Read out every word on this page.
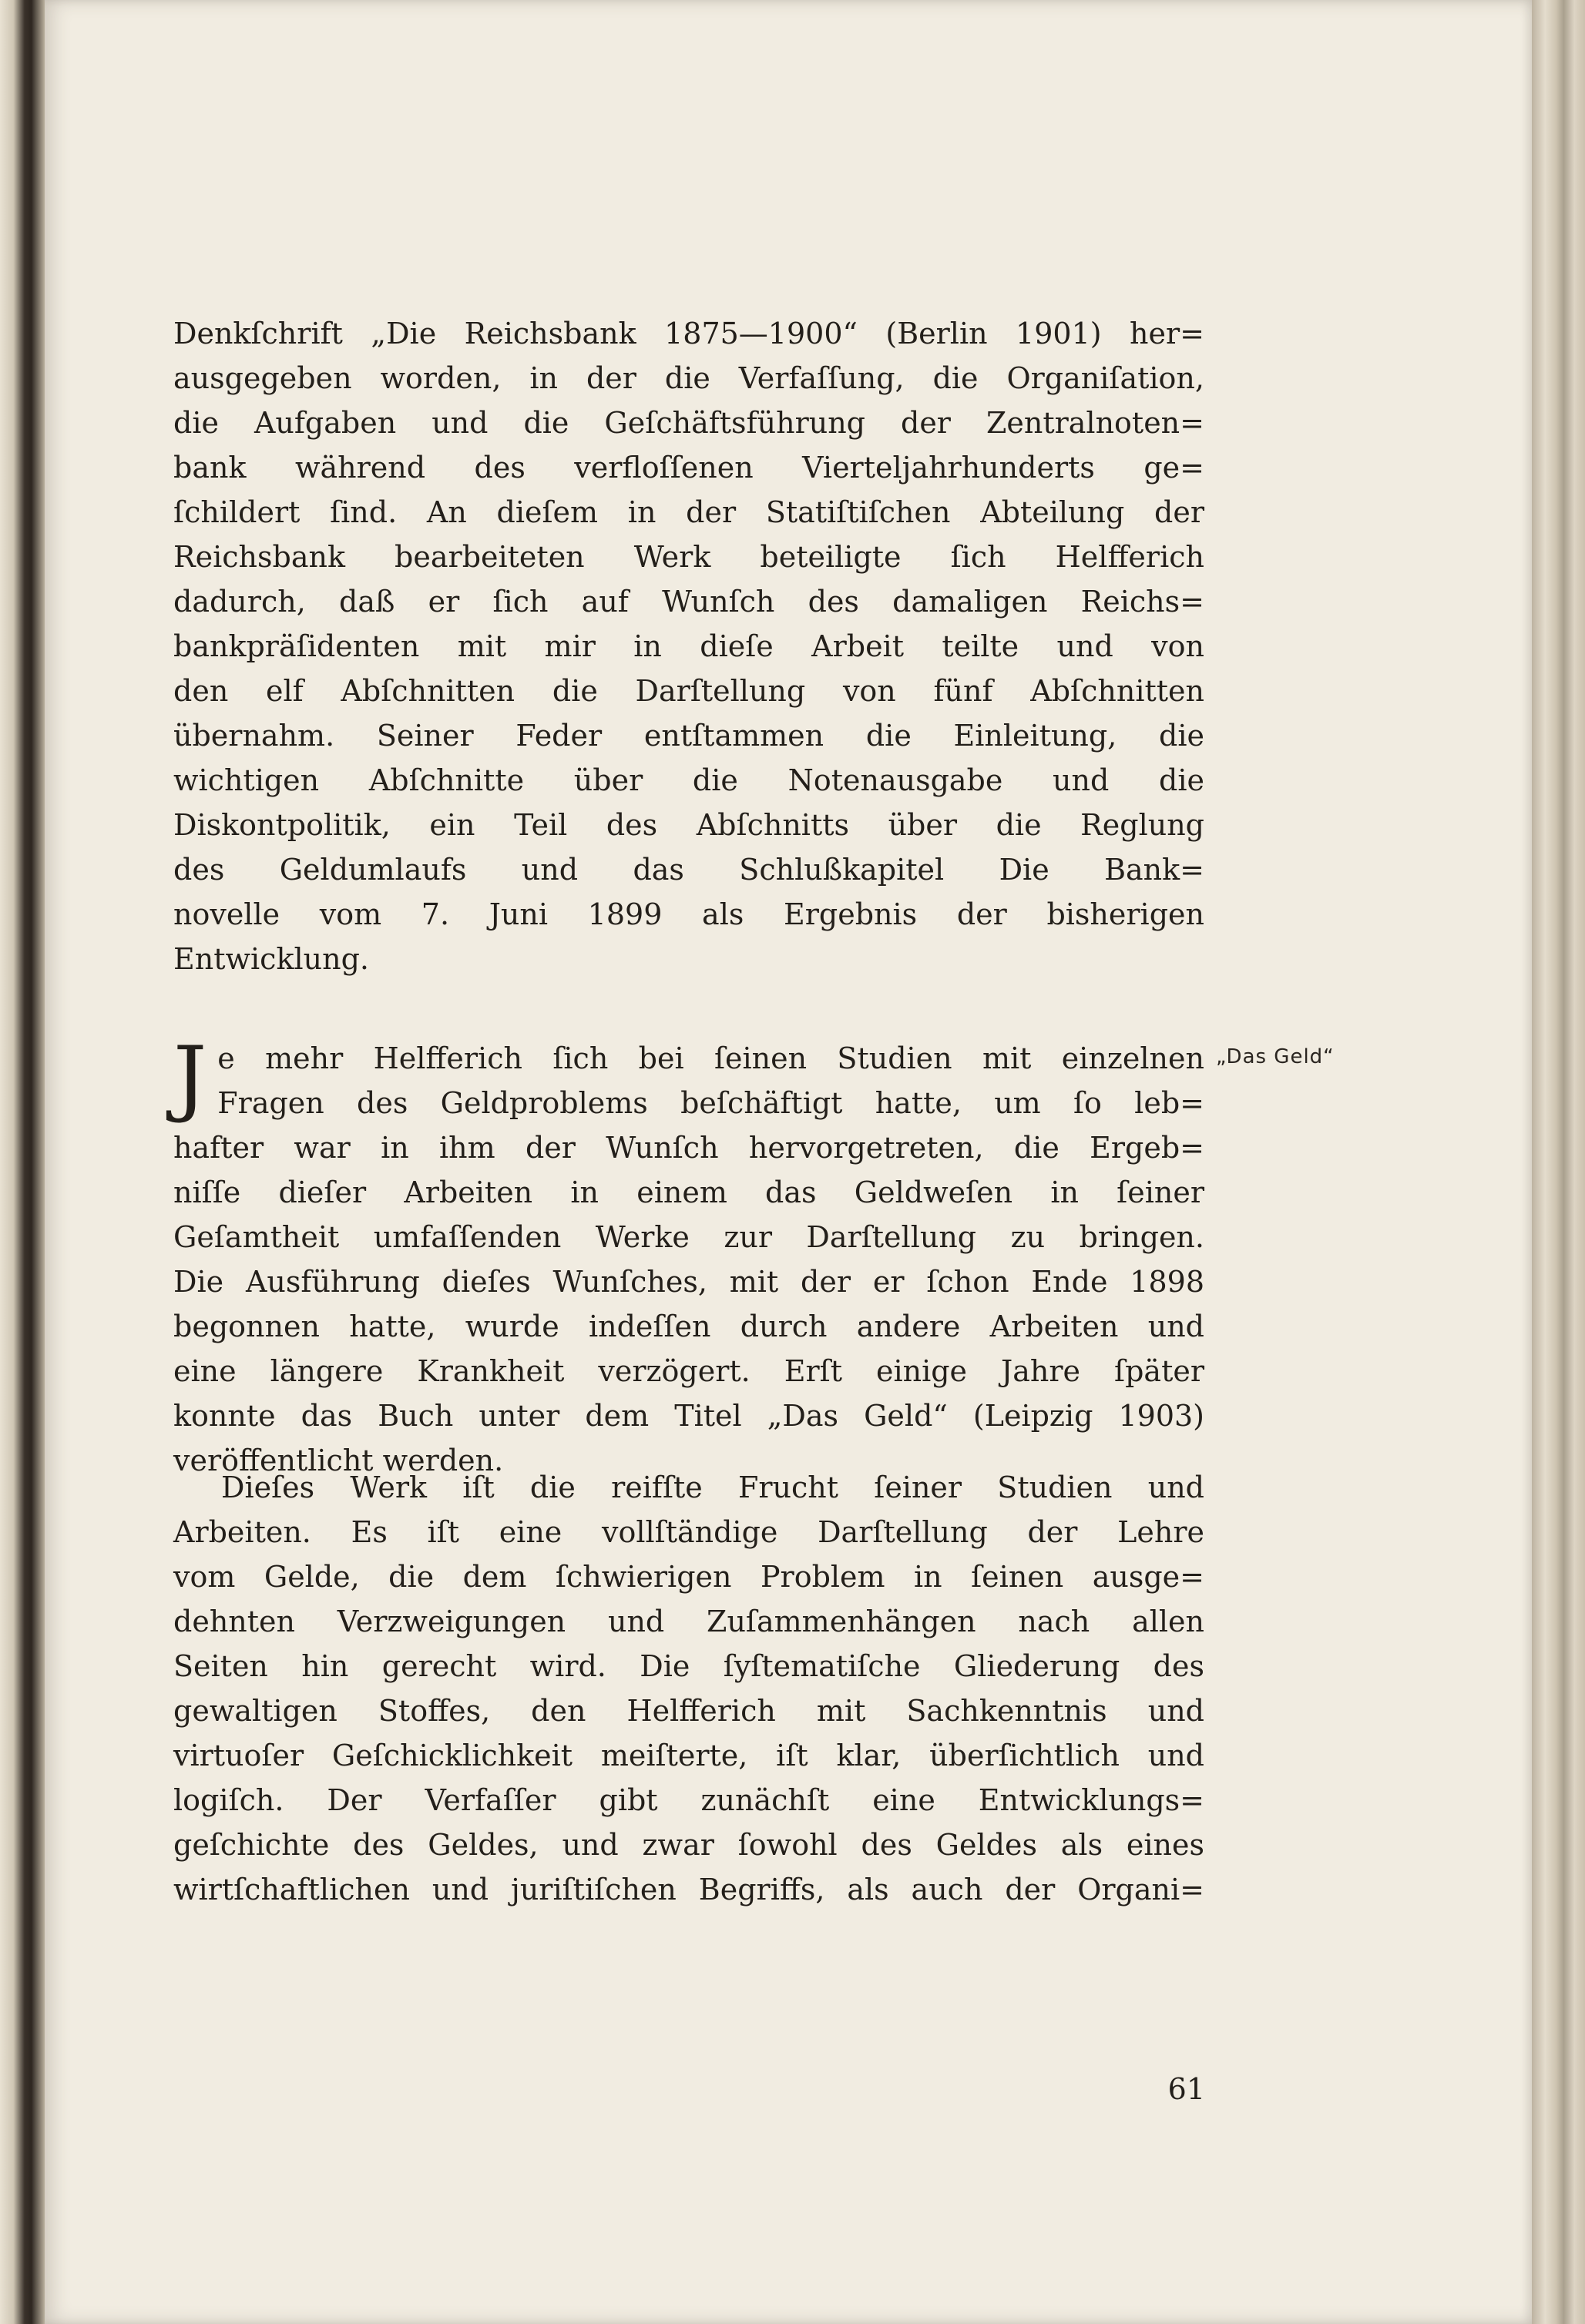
Denkſchrift „Die Reichsbank 1875—1900“ (Berlin 1901) her=
ausgegeben worden, in der die Verfaſſung, die Organiſation,
die Aufgaben und die Geſchäftsführung der Zentralnoten=
bank während des verfloſſenen Vierteljahrhunderts ge=
ſchildert ſind. An dieſem in der Statiſtiſchen Abteilung der
Reichsbank bearbeiteten Werk beteiligte ſich Helfferich
dadurch, daß er ſich auf Wunſch des damaligen Reichs=
bankpräſidenten mit mir in dieſe Arbeit teilte und von
den elf Abſchnitten die Darſtellung von fünf Abſchnitten
übernahm. Seiner Feder entſtammen die Einleitung, die
wichtigen Abſchnitte über die Notenausgabe und die
Diskontpolitik, ein Teil des Abſchnitts über die Reglung
des Geldumlaufs und das Schlußkapitel Die Bank=
novelle vom 7. Juni 1899 als Ergebnis der bisherigen
Entwicklung.
J e mehr Helfferich ſich bei ſeinen Studien mit einzelnen
Fragen des Geldproblems beſchäftigt hatte, um ſo leb=
hafter war in ihm der Wunſch hervorgetreten, die Ergeb=
niſſe dieſer Arbeiten in einem das Geldweſen in ſeiner
Geſamtheit umfaſſenden Werke zur Darſtellung zu bringen.
Die Ausführung dieſes Wunſches, mit der er ſchon Ende 1898
begonnen hatte, wurde indeſſen durch andere Arbeiten und
eine längere Krankheit verzögert. Erſt einige Jahre ſpäter
konnte das Buch unter dem Titel „Das Geld“ (Leipzig 1903)
veröffentlicht werden.
Dieſes Werk iſt die reifſte Frucht ſeiner Studien und
Arbeiten. Es iſt eine vollſtändige Darſtellung der Lehre
vom Gelde, die dem ſchwierigen Problem in ſeinen ausge=
dehnten Verzweigungen und Zuſammenhängen nach allen
Seiten hin gerecht wird. Die ſyſtematiſche Gliederung des
gewaltigen Stoffes, den Helfferich mit Sachkenntnis und
virtuoſer Geſchicklichkeit meiſterte, iſt klar, überſichtlich und
logiſch. Der Verfaſſer gibt zunächſt eine Entwicklungs=
geſchichte des Geldes, und zwar ſowohl des Geldes als eines
wirtſchaftlichen und juriſtiſchen Begriffs, als auch der Organi=
„Das Geld“
61
